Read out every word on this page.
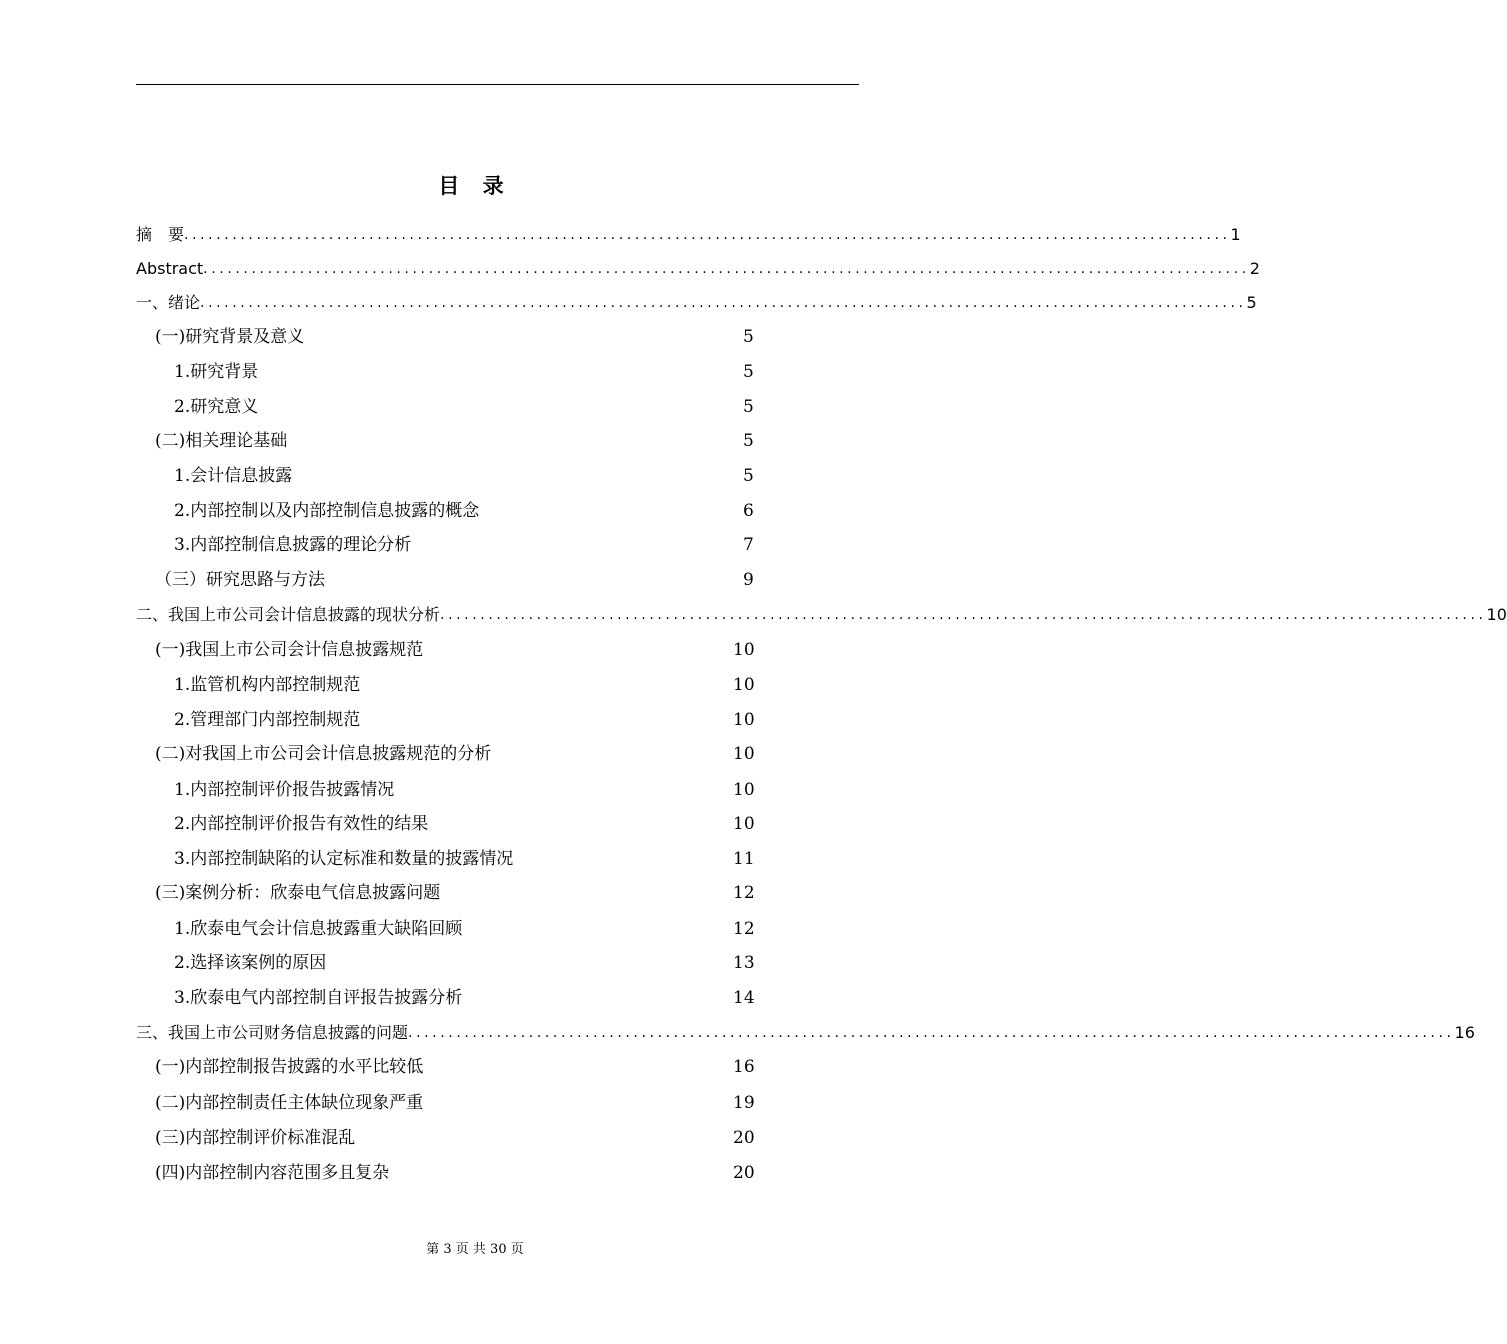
目 录
摘　要 .................................................................................................................................. 1
Abstract .................................................................................................................................. 2
一、绪论 .................................................................................................................................. 5
(一)研究背景及意义	5
1.研究背景	5
2.研究意义	5
(二)相关理论基础	5
1.会计信息披露	5
2.内部控制以及内部控制信息披露的概念	6
3.内部控制信息披露的理论分析	7
（三）研究思路与方法	9
二、我国上市公司会计信息披露的现状分析 .................................................................................................................................. 10
(一)我国上市公司会计信息披露规范	10
1.监管机构内部控制规范	10
2.管理部门内部控制规范	10
(二)对我国上市公司会计信息披露规范的分析	10
1.内部控制评价报告披露情况	10
2.内部控制评价报告有效性的结果	10
3.内部控制缺陷的认定标准和数量的披露情况	11
(三)案例分析：欣泰电气信息披露问题	12
1.欣泰电气会计信息披露重大缺陷回顾	12
2.选择该案例的原因	13
3.欣泰电气内部控制自评报告披露分析	14
三、我国上市公司财务信息披露的问题 .................................................................................................................................. 16
(一)内部控制报告披露的水平比较低	16
(二)内部控制责任主体缺位现象严重	19
(三)内部控制评价标准混乱	20
(四)内部控制内容范围多且复杂	20
第 3 页 共 30 页
